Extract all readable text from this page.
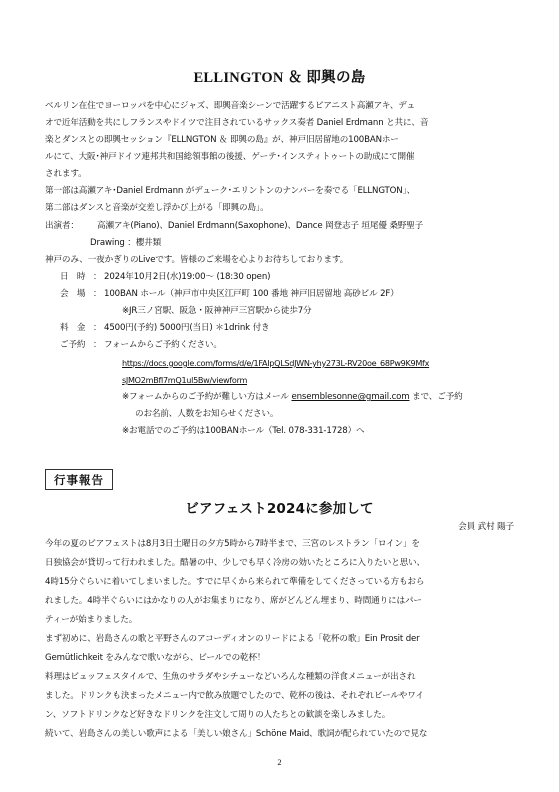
ELLINGTON ＆ 即興の島
ベルリン在住でヨーロッパを中心にジャズ、即興音楽シーンで活躍するピアニスト高瀬アキ、デュ
オで近年活動を共にしフランスやドイツで注目されているサックス奏者 Daniel Erdmann と共に、音
楽とダンスとの即興セッション『ELLNGTON ＆ 即興の島』が、神戸旧居留地の100BANホー
ルにて、大阪･神戸ドイツ連邦共和国総領事館の後援、ゲーテ･インスティトゥートの助成にて開催
されます。
第一部は高瀬アキ･Daniel Erdmann がデューク･エリントンのナンバーを奏でる「ELLNGTON」、
第二部はダンスと音楽が交差し浮かび上がる「即興の島」。
出演者： 高瀬アキ(Piano)、Daniel Erdmann(Saxophone)、Dance 岡登志子 垣尾優 桑野聖子
Drawing ：櫻井類
神戸のみ、一夜かぎりのLiveです。皆様のご来場を心よりお待ちしております。
日　時 ： 2024年10月2日(水)19:00～ (18:30 open)
会　場 ： 100BAN ホール（神戸市中央区江戸町 100 番地 神戸旧居留地 高砂ビル 2F）
※JR三ノ宮駅、阪急・阪神神戸三宮駅から徒歩7分
料　金 ： 4500円(予約) 5000円(当日) ＊1drink 付き
ご予約 ： フォームからご予約ください。
https://docs.google.com/forms/d/e/1FAIpQLSdJWN-yhy273L-RV20oe_68Pw9K9Mfx
sJMO2mBfl7mQ1ul5Bw/viewform
※フォームからのご予約が難しい方はメール ensemblesonne@gmail.com まで、ご予約
のお名前、人数をお知らせください。
※お電話でのご予約は100BANホール（Tel. 078-331-1728）へ
行事報告
ビアフェスト2024に参加して
会員 武村 陽子
今年の夏のビアフェストは8月3日土曜日の夕方5時から7時半まで、三宮のレストラン「ロイン」を
日独協会が貸切って行われました。酷暑の中、少しでも早く冷房の効いたところに入りたいと思い、
4時15分ぐらいに着いてしまいました。すでに早くから来られて準備をしてくださっている方もおら
れました。4時半ぐらいにはかなりの人がお集まりになり、席がどんどん埋まり、時間通りにはパー
ティーが始まりました。
まず初めに、岩島さんの歌と平野さんのアコーディオンのリードによる「乾杯の歌」Ein Prosit der
Gemütlichkeit をみんなで歌いながら、ビールでの乾杯！
料理はビュッフェスタイルで、生魚のサラダやシチューなどいろんな種類の洋食メニューが出され
ました。ドリンクも決まったメニュー内で飲み放題でしたので、乾杯の後は、それぞれビールやワイ
ン、ソフトドリンクなど好きなドリンクを注文して周りの人たちとの歓談を楽しみました。
続いて、岩島さんの美しい歌声による「美しい娘さん」Schöne Maid、歌詞が配られていたので見な
2
